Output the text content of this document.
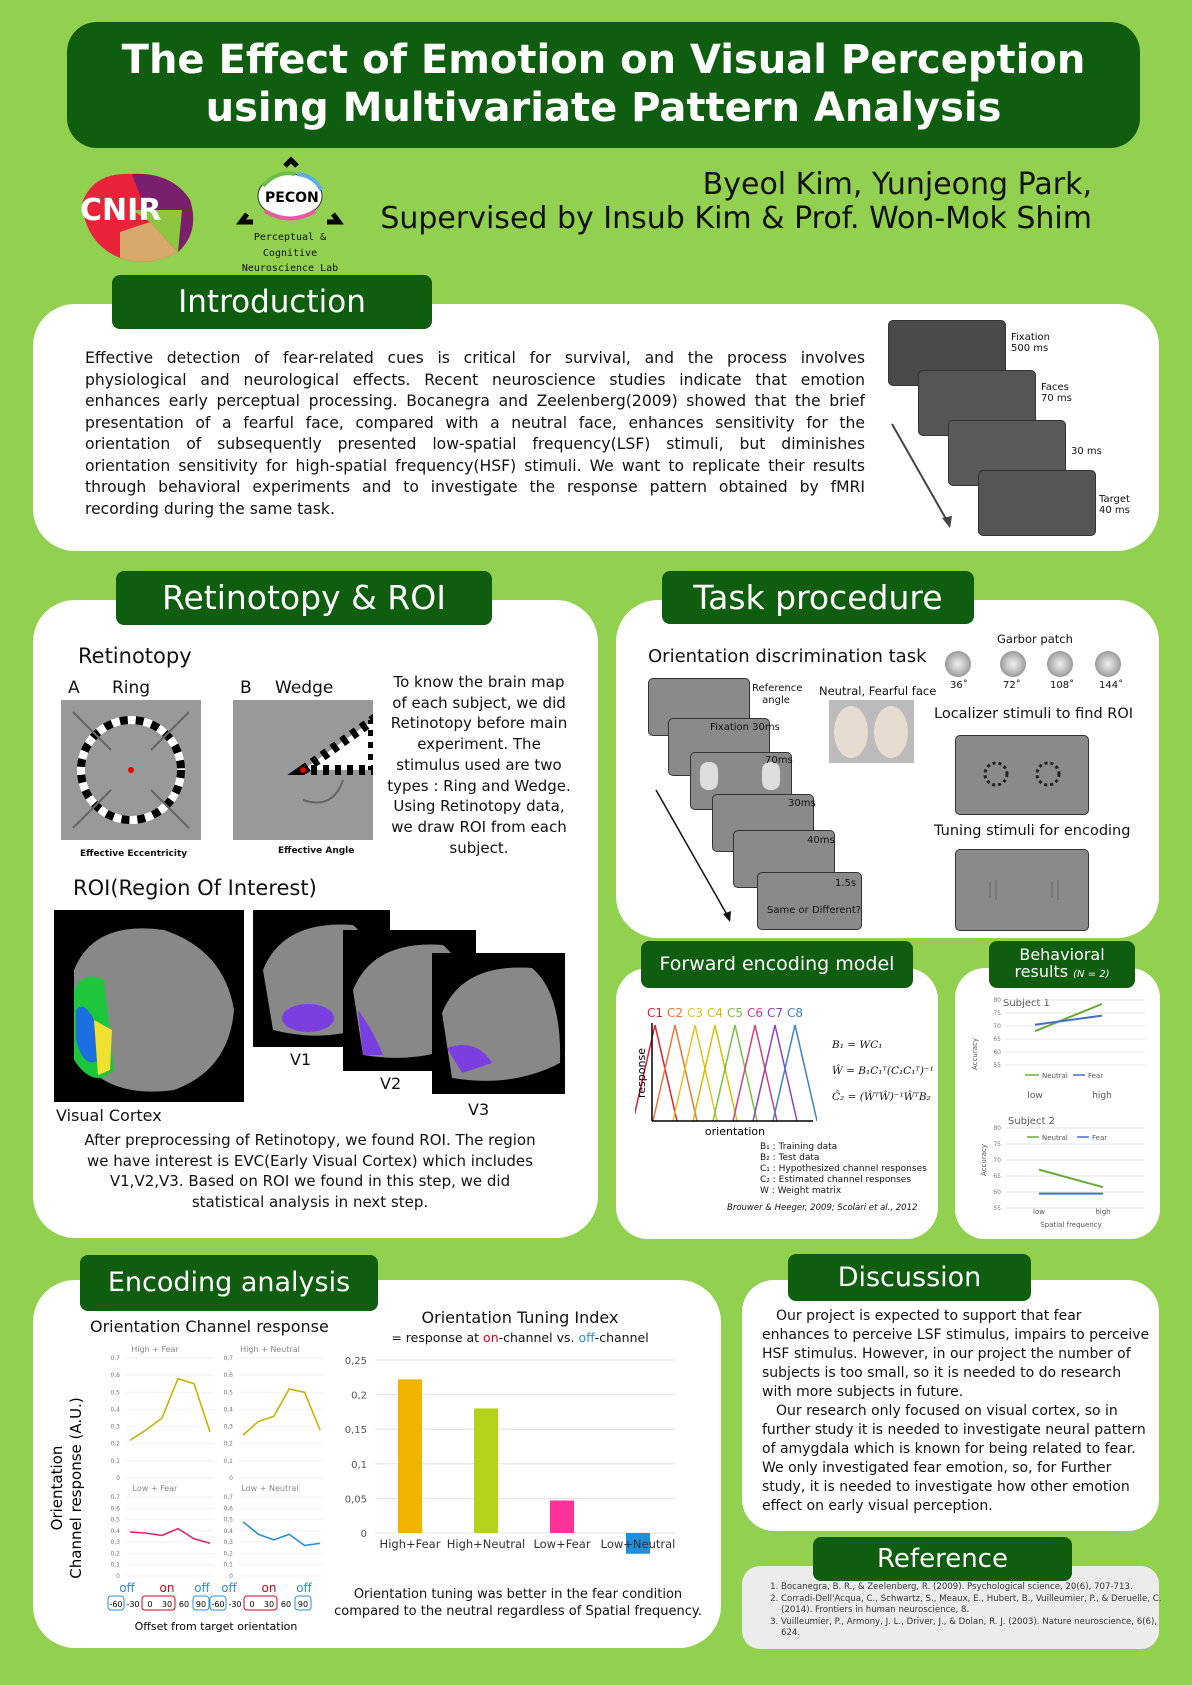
The Effect of Emotion on Visual Perception
using Multivariate Pattern Analysis
CNIR	PECON
Perceptual & Cognitive
Neuroscience Lab
Byeol Kim, Yunjeong Park,
Supervised by Insub Kim & Prof. Won-Mok Shim
Introduction
Effective detection of fear-related cues is critical for survival, and the process involves physiological and neurological effects. Recent neuroscience studies indicate that emotion enhances early perceptual processing. Bocanegra and Zeelenberg(2009) showed that the brief presentation of a fearful face, compared with a neutral face, enhances sensitivity for the orientation of subsequently presented low-spatial frequency(LSF) stimuli, but diminishes orientation sensitivity for high-spatial frequency(HSF) stimuli. We want to replicate their results through behavioral experiments and to investigate the response pattern obtained by fMRI recording during the same task.
Fixation
500 ms
Faces
70 ms
30 ms
Target
40 ms
Retinotopy & ROI
Retinotopy
A Ring	B Wedge
Effective Eccentricity	Effective Angle
To know the brain map of each subject, we did Retinotopy before main experiment. The stimulus used are two types : Ring and Wedge. Using Retinotopy data, we draw ROI from each subject.
ROI(Region Of Interest)
Visual Cortex
V1
V2
V3
After preprocessing of Retinotopy, we found ROI. The region we have interest is EVC(Early Visual Cortex) which includes V1,V2,V3. Based on ROI we found in this step, we did statistical analysis in next step.
Task procedure
Orientation discrimination task
Reference angle
Fixation 30ms
70ms
30ms
40ms
1.5s
Same or Different?
Neutral, Fearful face
Garbor patch
36˚	72˚	108˚ 144˚
Localizer stimuli to find ROI
Tuning stimuli for encoding
Forward encoding model
response
orientation
C1 C2 C3 C4 C5 C6 C7 C8
B₁ = WC₁
Ŵ = B₁C₁ᵀ(C₁C₁ᵀ)⁻¹
Ĉ₂ = (ŴᵀŴ)⁻¹ŴᵀB₂
B₁ : Training data
B₂ : Test data
C₁ : Hypothesized channel responses
C₂ : Estimated channel responses
W : Weight matrix
Brouwer & Heeger, 2009; Scolari et al., 2012
Behavioral
results (N = 2)
Subject 1
Accuracy
80
75
70
65
60
55
Neutral	Fear
low	high
Subject 2
Accuracy
80
75
70
65
60
55
Neutral	Fear
low	high
Spatial frequency
Encoding analysis
Orientation Channel response
Orientation Channel response (A.U.)
High + Fear	High + Neutral
Low + Fear	Low + Neutral
0,7
0,6
0,5
0,4
0,3
0,2
0,1
0
0,7
0,6
0,5
0,4
0,3
0,2
0,1
0
0,7
0,6
0,5
0,4
0,3
0,2
0,1
0
0,7
0,6
0,5
0,4
0,3
0,2
0,1
0
off on off off on off
-60 -30 0 30 60 90 -60 -30 0 30 60 90
Offset from target orientation
Orientation Tuning Index
= response at on-channel vs. off-channel
0,25
0,2
0,15
0,1
0,05
0
High+Fear High+Neutral Low+Fear Low+Neutral
Orientation tuning was better in the fear condition compared to the neutral regardless of Spatial frequency.
Discussion
Our project is expected to support that fear enhances to perceive LSF stimulus, impairs to perceive HSF stimulus. However, in our project the number of subjects is too small, so it is needed to do research with more subjects in future.
Our research only focused on visual cortex, so in further study it is needed to investigate neural pattern of amygdala which is known for being related to fear. We only investigated fear emotion, so, for Further study, it is needed to investigate how other emotion effect on early visual perception.
Reference
1. Bocanegra, B. R., & Zeelenberg, R. (2009). Psychological science, 20(6), 707-713.
2. Corradi-Dell'Acqua, C., Schwartz, S., Meaux, E., Hubert, B., Vuilleumier, P., & Deruelle, C. (2014). Frontiers in human neuroscience, 8.
3. Vuilleumier, P., Armony, J. L., Driver, J., & Dolan, R. J. (2003). Nature neuroscience, 6(6), 624.
